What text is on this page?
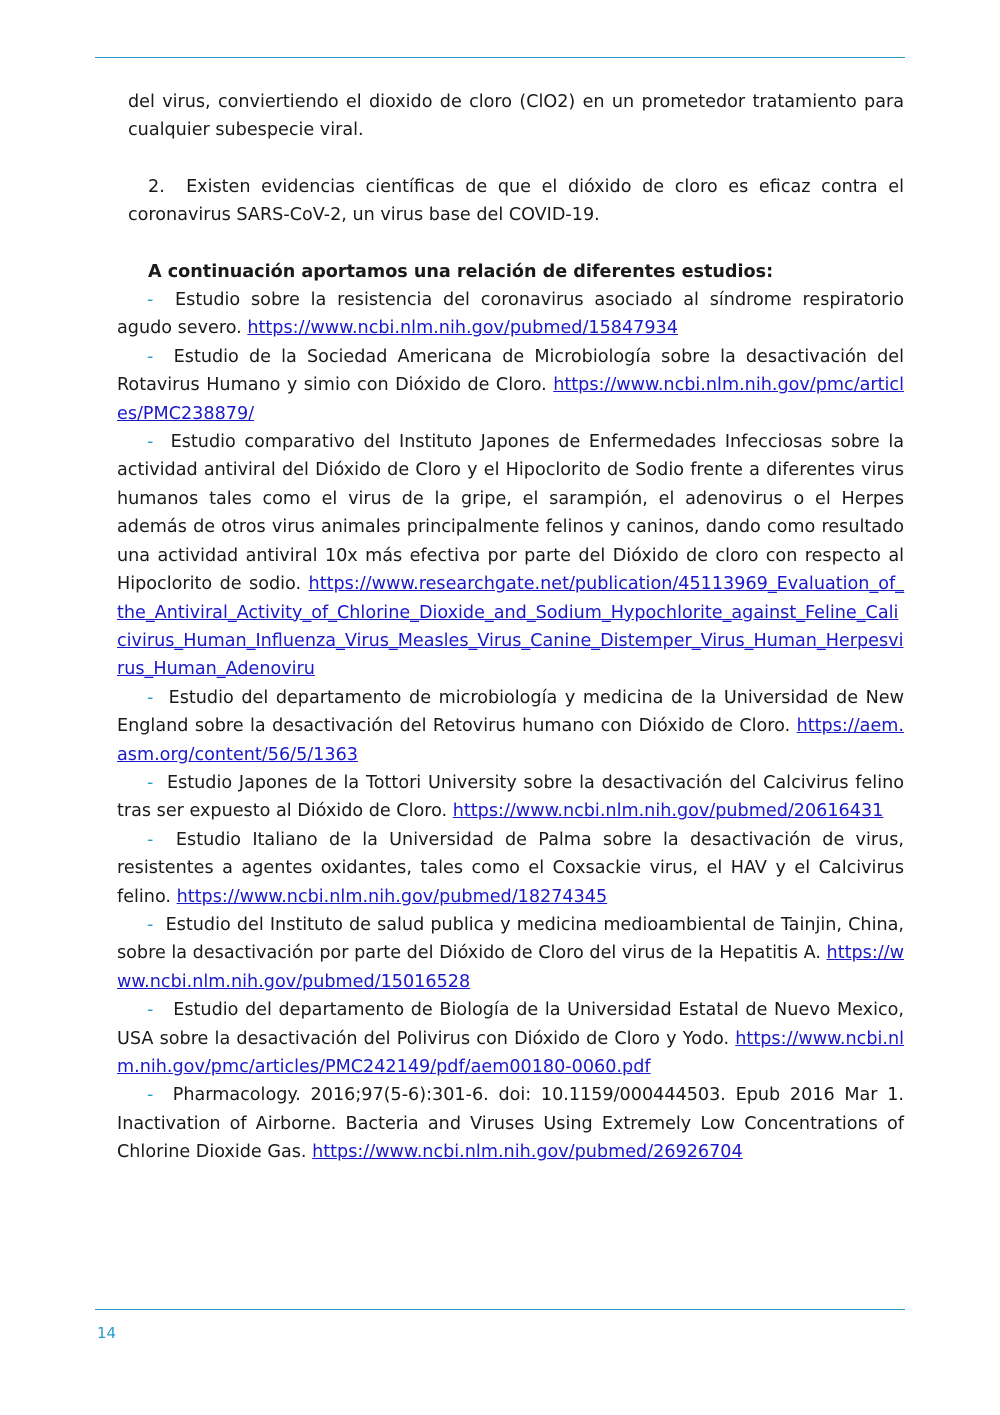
del virus, conviertiendo el dioxido de cloro (ClO2) en un prometedor tratamiento para cualquier subespecie viral.

2. Existen evidencias científicas de que el dióxido de cloro es eficaz contra el coronavirus SARS-CoV-2, un virus base del COVID-19.

A continuación aportamos una relación de diferentes estudios:

- Estudio sobre la resistencia del coronavirus asociado al síndrome respiratorio agudo severo. https://www.ncbi.nlm.nih.gov/pubmed/15847934

- Estudio de la Sociedad Americana de Microbiología sobre la desactivación del Rotavirus Humano y simio con Dióxido de Cloro. https://www.ncbi.nlm.nih.gov/pmc/articles/PMC238879/

- Estudio comparativo del Instituto Japones de Enfermedades Infecciosas sobre la actividad antiviral del Dióxido de Cloro y el Hipoclorito de Sodio frente a diferentes virus humanos tales como el virus de la gripe, el sarampión, el adenovirus o el Herpes además de otros virus animales principalmente felinos y caninos, dando como resultado una actividad antiviral 10x más efectiva por parte del Dióxido de cloro con respecto al Hipoclorito de sodio. https://www.researchgate.net/publication/45113969_Evaluation_of_the_Antiviral_Activity_of_Chlorine_Dioxide_and_Sodium_Hypochlorite_against_Feline_Calicivirus_Human_Influenza_Virus_Measles_Virus_Canine_Distemper_Virus_Human_Herpesvirus_Human_Adenoviru

- Estudio del departamento de microbiología y medicina de la Universidad de New England sobre la desactivación del Retovirus humano con Dióxido de Cloro. https://aem.asm.org/content/56/5/1363

- Estudio Japones de la Tottori University sobre la desactivación del Calcivirus felino tras ser expuesto al Dióxido de Cloro. https://www.ncbi.nlm.nih.gov/pubmed/20616431

- Estudio Italiano de la Universidad de Palma sobre la desactivación de virus, resistentes a agentes oxidantes, tales como el Coxsackie virus, el HAV y el Calcivirus felino. https://www.ncbi.nlm.nih.gov/pubmed/18274345

- Estudio del Instituto de salud publica y medicina medioambiental de Tainjin, China, sobre la desactivación por parte del Dióxido de Cloro del virus de la Hepatitis A. https://www.ncbi.nlm.nih.gov/pubmed/15016528

- Estudio del departamento de Biología de la Universidad Estatal de Nuevo Mexico, USA sobre la desactivación del Polivirus con Dióxido de Cloro y Yodo. https://www.ncbi.nlm.nih.gov/pmc/articles/PMC242149/pdf/aem00180-0060.pdf

- Pharmacology. 2016;97(5-6):301-6. doi: 10.1159/000444503. Epub 2016 Mar 1. Inactivation of Airborne. Bacteria and Viruses Using Extremely Low Concentrations of Chlorine Dioxide Gas. https://www.ncbi.nlm.nih.gov/pubmed/26926704

14
